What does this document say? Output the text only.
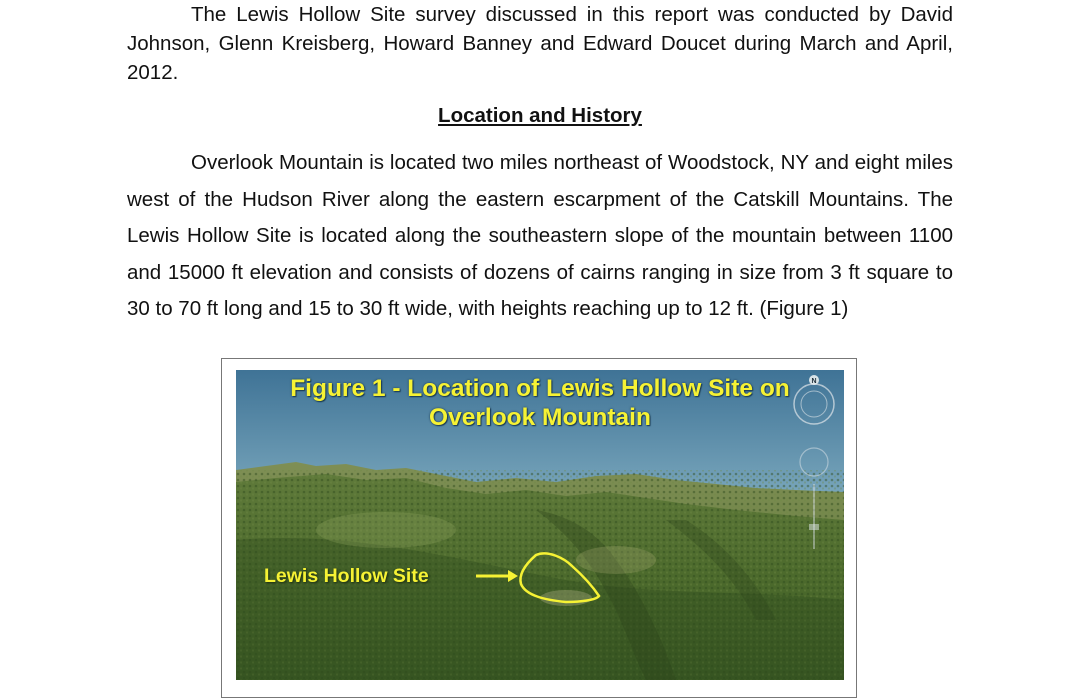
The Lewis Hollow Site survey discussed in this report was conducted by David Johnson, Glenn Kreisberg, Howard Banney and Edward Doucet during March and April, 2012.

Location and History

Overlook Mountain is located two miles northeast of Woodstock, NY and eight miles west of the Hudson River along the eastern escarpment of the Catskill Mountains. The Lewis Hollow Site is located along the southeastern slope of the mountain between 1100 and 15000 ft elevation and consists of dozens of cairns ranging in size from 3 ft square to 30 to 70 ft long and 15 to 30 ft wide, with heights reaching up to 12 ft. (Figure 1)

Figure 1 - Location of Lewis Hollow Site on
Overlook Mountain
Lewis Hollow Site
N
